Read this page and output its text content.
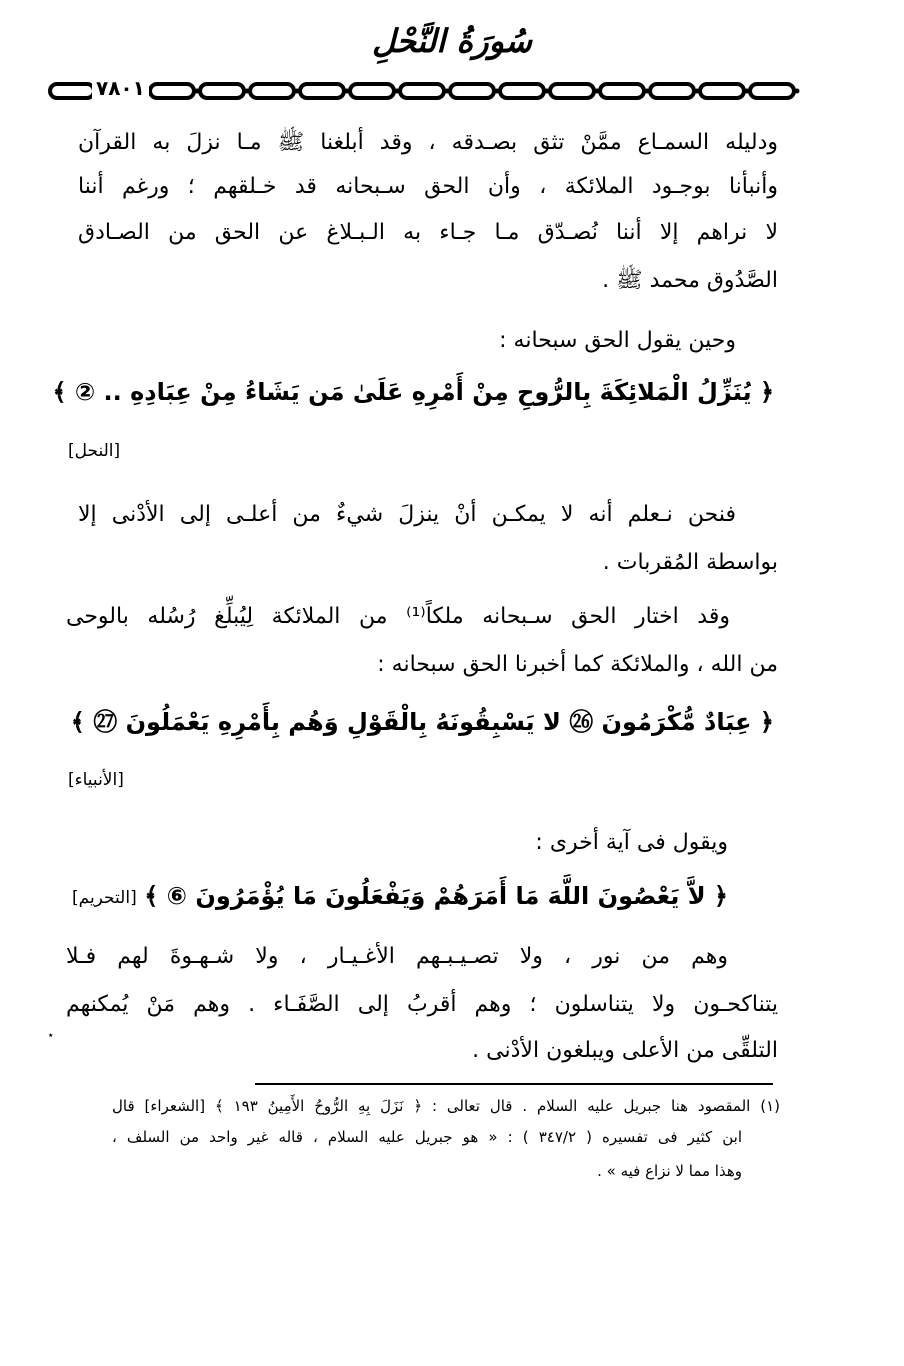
سُورَةُ النَّحْلِ
٧٨٠١
ودليله السمـاع ممَّنْ تثق بصـدقه ، وقد أبلغنا ﷺ مـا نزلَ به القرآن
وأنبأنا بوجـود الملائكة ، وأن الحق سـبحانه قد خـلقهم ؛ ورغم أننا
لا نراهم إلا أننا نُصـدّق مـا جـاء به الـبـلاغ عن الحق من الصـادق
الصَّدُوق محمد ﷺ .
وحين يقول الحق سبحانه :
﴿ يُنَزِّلُ الْمَلائِكَةَ بِالرُّوحِ مِنْ أَمْرِهِ عَلَىٰ مَن يَشَاءُ مِنْ عِبَادِهِ .. ② ﴾
[النحل]
فنحن نـعلم أنه لا يمكـن أنْ ينزلَ شيءٌ من أعلـى إلى الأدْنى إلا
بواسطة المُقربات .
وقد اختار الحق سـبحانه ملكاً⁽¹⁾ من الملائكة لِيُبلِّغ رُسُله بالوحى
من الله ، والملائكة كما أخبرنا الحق سبحانه :
﴿ عِبَادٌ مُّكْرَمُونَ ㉖ لا يَسْبِقُونَهُ بِالْقَوْلِ وَهُم بِأَمْرِهِ يَعْمَلُونَ ㉗ ﴾
[الأنبياء]
ويقول فى آية أخرى :
﴿ لاَّ يَعْصُونَ اللَّهَ مَا أَمَرَهُمْ وَيَفْعَلُونَ مَا يُؤْمَرُونَ ⑥ ﴾
[التحريم]
وهم من نور ، ولا تصـيـبـهم الأغـيـار ، ولا شـهـوةَ لهم فـلا
يتناكحـون ولا يتناسلون ؛ وهم أقربُ إلى الصَّفَـاء . وهم مَنْ يُمكنهم
التلقِّى من الأعلى ويبلغون الأدْنى .
٭
(١) المقصود هنا جبريل عليه السلام . قال تعالى : ﴿ نَزَلَ بِهِ الرُّوحُ الأَمِينُ ١٩٣ ﴾ [الشعراء] قال
ابن كثير فى تفسيره ( ٣٤٧/٢ ) : « هو جبريل عليه السلام ، قاله غير واحد من السلف ،
وهذا مما لا نزاع فيه » .
